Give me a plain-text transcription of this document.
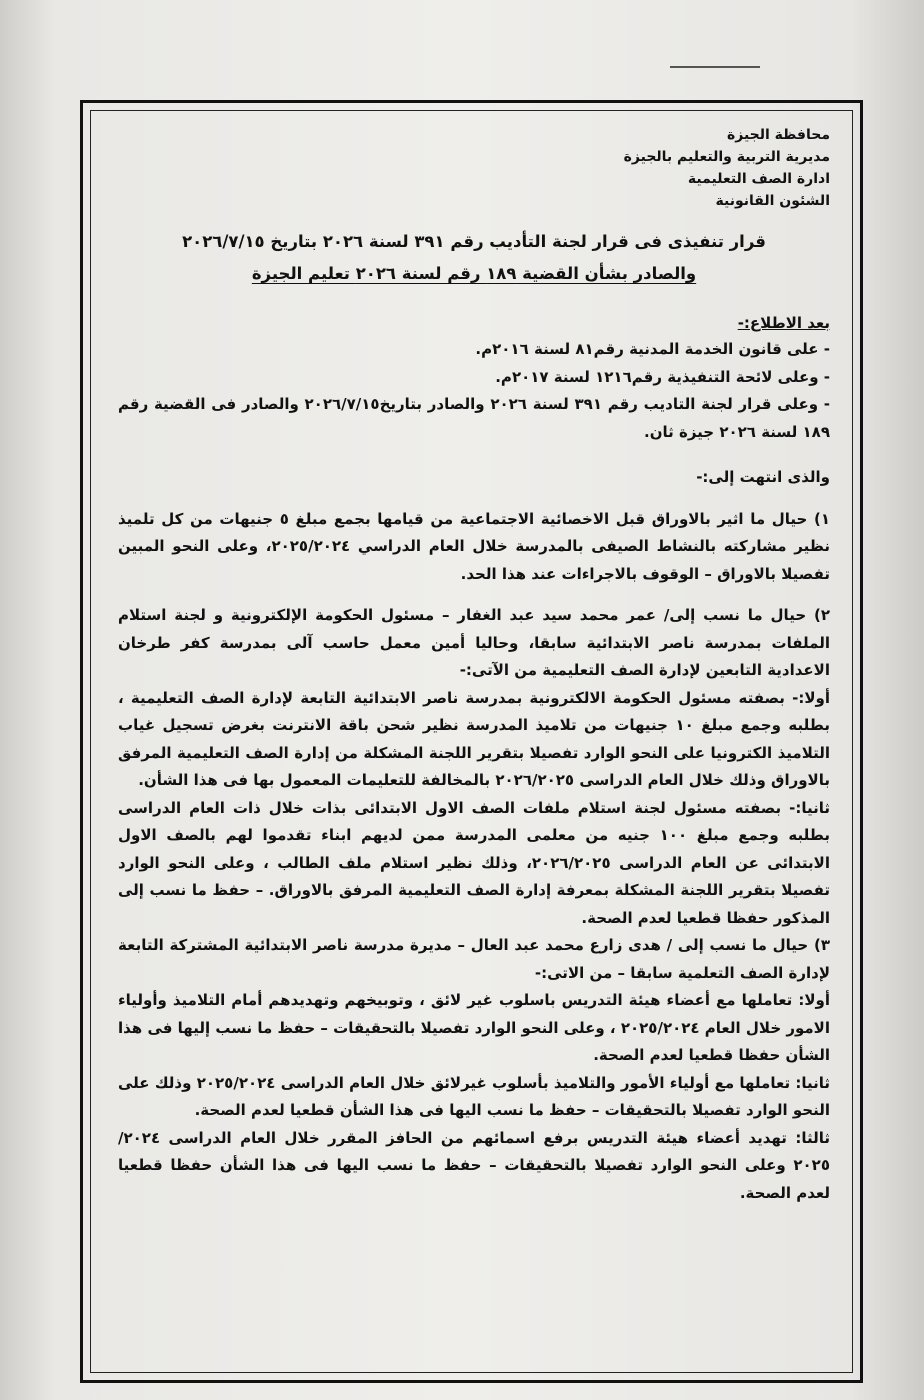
محافظة الجيزة
مديرية التربية والتعليم بالجيزة
ادارة الصف التعليمية
الشئون القانونية
قرار تنفيذى فى قرار لجنة التأديب رقم ٣٩١ لسنة ٢٠٢٦ بتاريخ ٢٠٢٦/٧/١٥
والصادر بشأن القضية ١٨٩ رقم لسنة ٢٠٢٦ تعليم الجيزة
بعد الاطلاع:-
- على قانون الخدمة المدنية رقم٨١ لسنة ٢٠١٦م.
- وعلى لائحة التنفيذية رقم١٢١٦ لسنة ٢٠١٧م.
- وعلى قرار لجنة التاديب رقم ٣٩١ لسنة ٢٠٢٦ والصادر بتاريخ٢٠٢٦/٧/١٥ والصادر فى القضية رقم ١٨٩ لسنة ٢٠٢٦ جيزة ثان.
والذى انتهت إلى:-
١) حيال ما اثير بالاوراق قبل الاخصائية الاجتماعية من قيامها بجمع مبلغ ٥ جنيهات من كل تلميذ نظير مشاركته بالنشاط الصيفى بالمدرسة خلال العام الدراسي ٢٠٢٥/٢٠٢٤، وعلى النحو المبين تفصيلا بالاوراق – الوقوف بالاجراءات عند هذا الحد.
٢) حيال ما نسب إلى/ عمر محمد سيد عبد الغفار – مسئول الحكومة الإلكترونية و لجنة استلام الملفات بمدرسة ناصر الابتدائية سابقا، وحاليا أمين معمل حاسب آلى بمدرسة كفر طرخان الاعدادية التابعين لإدارة الصف التعليمية من الآتى:-
أولا:- بصفته مسئول الحكومة الالكترونية بمدرسة ناصر الابتدائية التابعة لإدارة الصف التعليمية ، بطلبه وجمع مبلغ ١٠ جنيهات من تلاميذ المدرسة نظير شحن باقة الانترنت بغرض تسجيل غياب التلاميذ الكترونيا على النحو الوارد تفصيلا بتقرير اللجنة المشكلة من إدارة الصف التعليمية المرفق بالاوراق وذلك خلال العام الدراسى ٢٠٢٦/٢٠٢٥ بالمخالفة للتعليمات المعمول بها فى هذا الشأن.
ثانيا:- بصفته مسئول لجنة استلام ملفات الصف الاول الابتدائى بذات خلال ذات العام الدراسى بطلبه وجمع مبلغ ١٠٠ جنيه من معلمى المدرسة ممن لديهم ابناء تقدموا لهم بالصف الاول الابتدائى عن العام الدراسى ٢٠٢٦/٢٠٢٥، وذلك نظير استلام ملف الطالب ، وعلى النحو الوارد تفصيلا بتقرير اللجنة المشكلة بمعرفة إدارة الصف التعليمية المرفق بالاوراق. – حفظ ما نسب إلى المذكور حفظا قطعيا لعدم الصحة.
٣) حيال ما نسب إلى / هدى زارع محمد عبد العال – مديرة مدرسة ناصر الابتدائية المشتركة التابعة لإدارة الصف التعلمية سابقا – من الاتى:-
أولا: تعاملها مع أعضاء هيئة التدريس باسلوب غير لائق ، وتوبيخهم وتهديدهم أمام التلاميذ وأولياء الامور خلال العام ٢٠٢٥/٢٠٢٤ ، وعلى النحو الوارد تفصيلا بالتحقيقات – حفظ ما نسب إليها فى هذا الشأن حفظا قطعيا لعدم الصحة.
ثانيا: تعاملها مع أولياء الأمور والتلاميذ بأسلوب غيرلائق خلال العام الدراسى ٢٠٢٥/٢٠٢٤ وذلك على النحو الوارد تفصيلا بالتحقيقات – حفظ ما نسب اليها فى هذا الشأن قطعيا لعدم الصحة.
ثالثا: تهديد أعضاء هيئة التدريس برفع اسمائهم من الحافز المقرر خلال العام الدراسى ٢٠٢٤/ ٢٠٢٥ وعلى النحو الوارد تفصيلا بالتحقيقات – حفظ ما نسب اليها فى هذا الشأن حفظا قطعيا لعدم الصحة.
